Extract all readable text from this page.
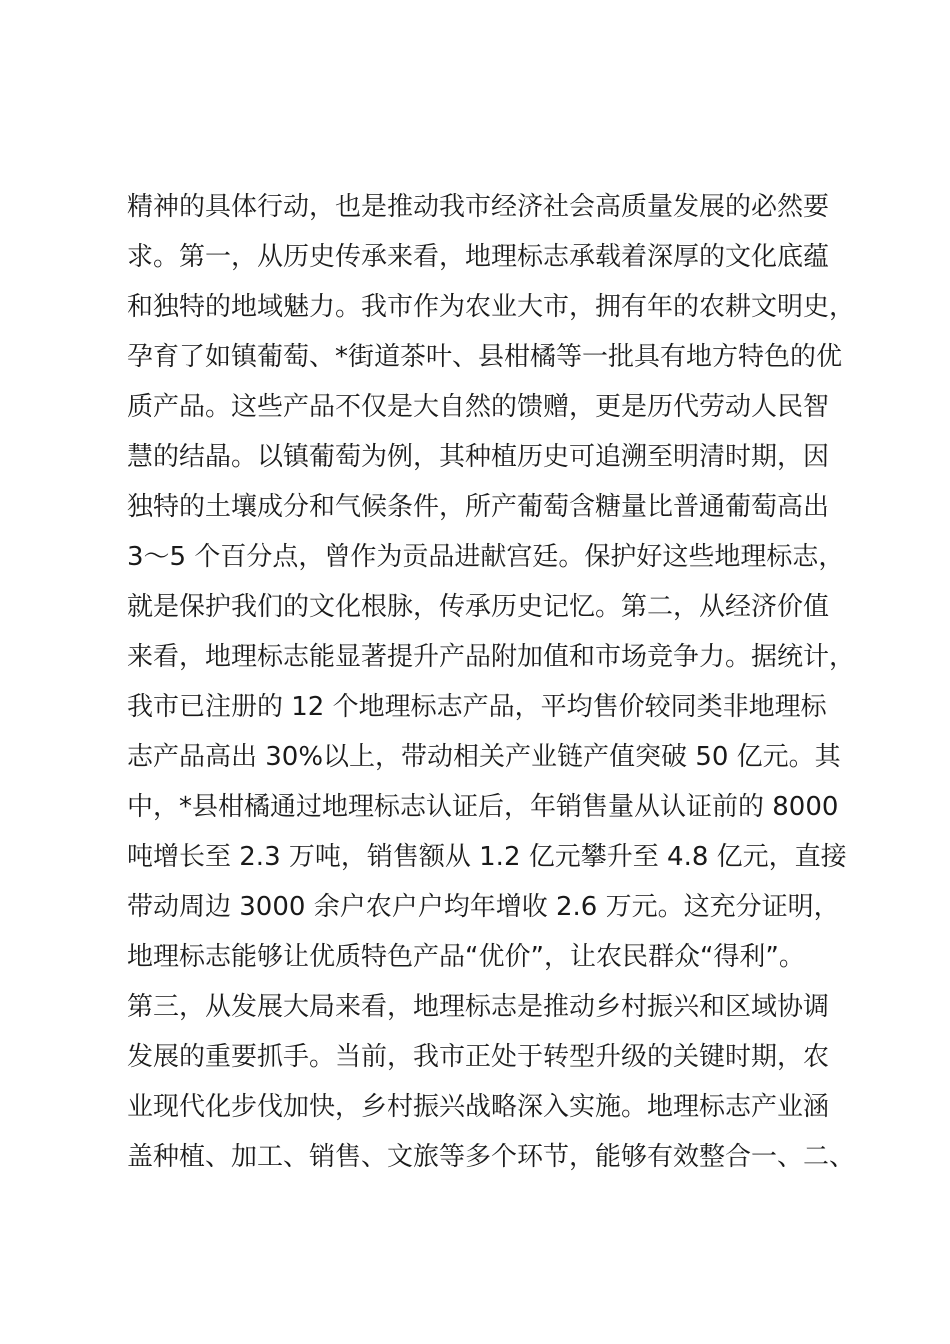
精神的具体行动，也是推动我市经济社会高质量发展的必然要
求。第一，从历史传承来看，地理标志承载着深厚的文化底蕴
和独特的地域魅力。我市作为农业大市，拥有年的农耕文明史，
孕育了如镇葡萄、*街道茶叶、县柑橘等一批具有地方特色的优
质产品。这些产品不仅是大自然的馈赠，更是历代劳动人民智
慧的结晶。以镇葡萄为例，其种植历史可追溯至明清时期，因
独特的土壤成分和气候条件，所产葡萄含糖量比普通葡萄高出
3～5 个百分点，曾作为贡品进献宫廷。保护好这些地理标志，
就是保护我们的文化根脉，传承历史记忆。第二，从经济价值
来看，地理标志能显著提升产品附加值和市场竞争力。据统计，
我市已注册的 12 个地理标志产品，平均售价较同类非地理标
志产品高出 30%以上，带动相关产业链产值突破 50 亿元。其
中，*县柑橘通过地理标志认证后，年销售量从认证前的 8000
吨增长至 2.3 万吨，销售额从 1.2 亿元攀升至 4.8 亿元，直接
带动周边 3000 余户农户户均年增收 2.6 万元。这充分证明，
地理标志能够让优质特色产品“优价”，让农民群众“得利”。
第三，从发展大局来看，地理标志是推动乡村振兴和区域协调
发展的重要抓手。当前，我市正处于转型升级的关键时期，农
业现代化步伐加快，乡村振兴战略深入实施。地理标志产业涵
盖种植、加工、销售、文旅等多个环节，能够有效整合一、二、
